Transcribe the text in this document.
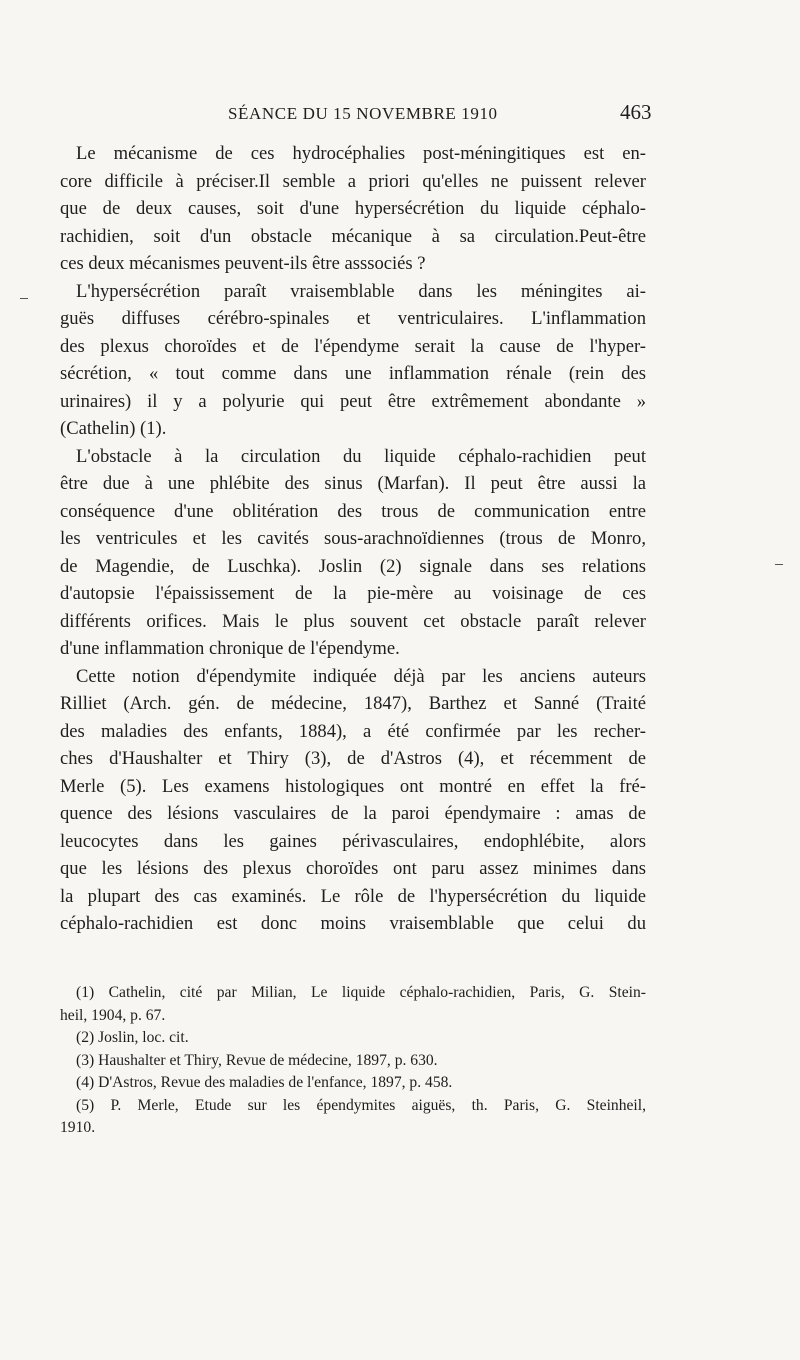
SÉANCE DU 15 NOVEMBRE 1910	463
Le mécanisme de ces hydrocéphalies post-méningitiques est en-
core difficile à préciser.Il semble a priori qu'elles ne puissent relever
que de deux causes, soit d'une hypersécrétion du liquide céphalo-
rachidien, soit d'un obstacle mécanique à sa circulation.Peut-être
ces deux mécanismes peuvent-ils être asssociés ?
L'hypersécrétion paraît vraisemblable dans les méningites ai-
guës diffuses cérébro-spinales et ventriculaires. L'inflammation
des plexus choroïdes et de l'épendyme serait la cause de l'hyper-
sécrétion, « tout comme dans une inflammation rénale (rein des
urinaires) il y a polyurie qui peut être extrêmement abondante »
(Cathelin) (1).
L'obstacle à la circulation du liquide céphalo-rachidien peut
être due à une phlébite des sinus (Marfan). Il peut être aussi la
conséquence d'une oblitération des trous de communication entre
les ventricules et les cavités sous-arachnoïdiennes (trous de Monro,
de Magendie, de Luschka). Joslin (2) signale dans ses relations
d'autopsie l'épaississement de la pie-mère au voisinage de ces
différents orifices. Mais le plus souvent cet obstacle paraît relever
d'une inflammation chronique de l'épendyme.
Cette notion d'épendymite indiquée déjà par les anciens auteurs
Rilliet (Arch. gén. de médecine, 1847), Barthez et Sanné (Traité
des maladies des enfants, 1884), a été confirmée par les recher-
ches d'Haushalter et Thiry (3), de d'Astros (4), et récemment de
Merle (5). Les examens histologiques ont montré en effet la fré-
quence des lésions vasculaires de la paroi épendymaire : amas de
leucocytes dans les gaines périvasculaires, endophlébite, alors
que les lésions des plexus choroïdes ont paru assez minimes dans
la plupart des cas examinés. Le rôle de l'hypersécrétion du liquide
céphalo-rachidien est donc moins vraisemblable que celui du
(1) Cathelin, cité par Milian, Le liquide céphalo-rachidien, Paris, G. Stein-
heil, 1904, p. 67.
(2) Joslin, loc. cit.
(3) Haushalter et Thiry, Revue de médecine, 1897, p. 630.
(4) D'Astros, Revue des maladies de l'enfance, 1897, p. 458.
(5) P. Merle, Etude sur les épendymites aiguës, th. Paris, G. Steinheil,
1910.
